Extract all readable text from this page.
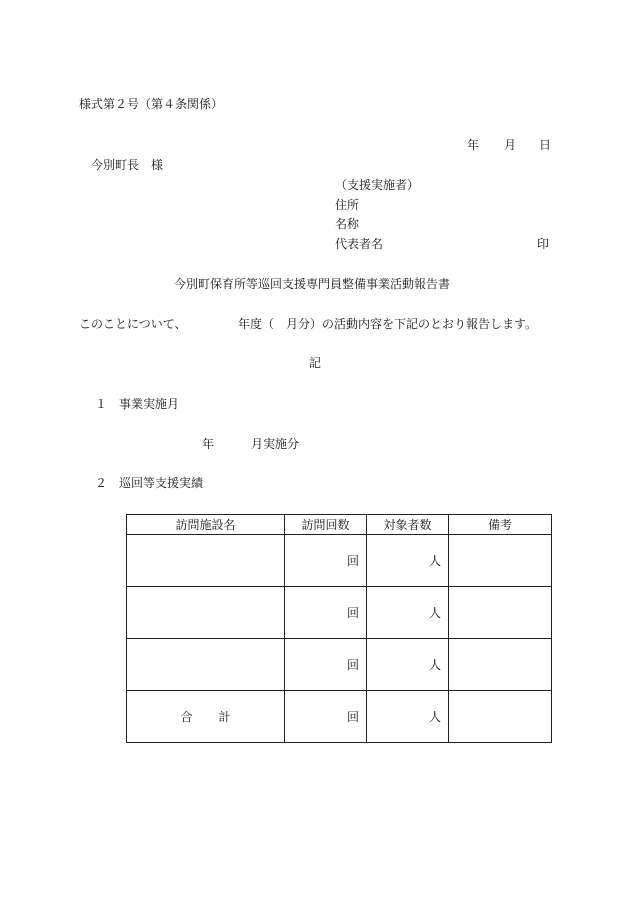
様式第２号（第４条関係）
年 月 日
今別町長　様
（支援実施者）
住所
名称
代表者名	印
今別町保育所等巡回支援専門員整備事業活動報告書
このことについて、	年度（　月分）の活動内容を下記のとおり報告します。
記
１　事業実施月
年	月実施分
２　巡回等支援実績
訪問施設名	訪問回数	対象者数	備考
	回	人	
	回	人	
	回	人	
合 計	回	人	
